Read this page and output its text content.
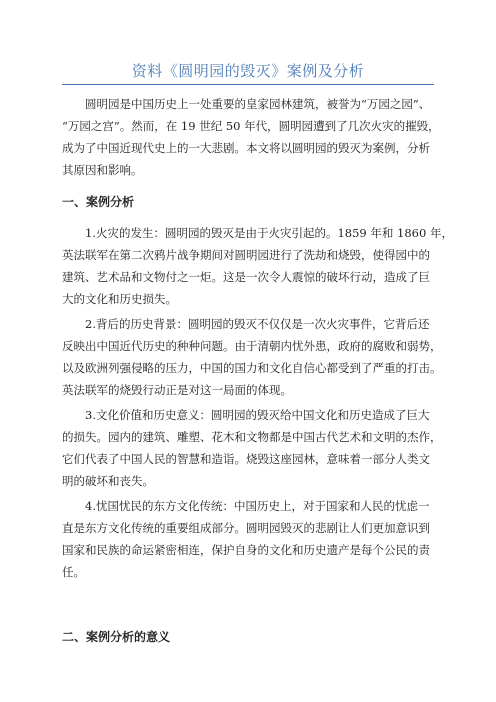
资料《圆明园的毁灭》案例及分析
圆明园是中国历史上一处重要的皇家园林建筑，被誉为“万园之园”、
“万园之宫”。然而，在 19 世纪 50 年代，圆明园遭到了几次火灾的摧毁，
成为了中国近现代史上的一大悲剧。本文将以圆明园的毁灭为案例，分析
其原因和影响。
一、案例分析
1.火灾的发生：圆明园的毁灭是由于火灾引起的。1859 年和 1860 年，
英法联军在第二次鸦片战争期间对圆明园进行了洗劫和烧毁，使得园中的
建筑、艺术品和文物付之一炬。这是一次令人震惊的破坏行动，造成了巨
大的文化和历史损失。
2.背后的历史背景：圆明园的毁灭不仅仅是一次火灾事件，它背后还
反映出中国近代历史的种种问题。由于清朝内忧外患，政府的腐败和弱势，
以及欧洲列强侵略的压力，中国的国力和文化自信心都受到了严重的打击。
英法联军的烧毁行动正是对这一局面的体现。
3.文化价值和历史意义：圆明园的毁灭给中国文化和历史造成了巨大
的损失。园内的建筑、雕塑、花木和文物都是中国古代艺术和文明的杰作，
它们代表了中国人民的智慧和造诣。烧毁这座园林，意味着一部分人类文
明的破坏和丧失。
4.忧国忧民的东方文化传统：中国历史上，对于国家和人民的忧虑一
直是东方文化传统的重要组成部分。圆明园毁灭的悲剧让人们更加意识到
国家和民族的命运紧密相连，保护自身的文化和历史遗产是每个公民的责
任。
二、案例分析的意义
